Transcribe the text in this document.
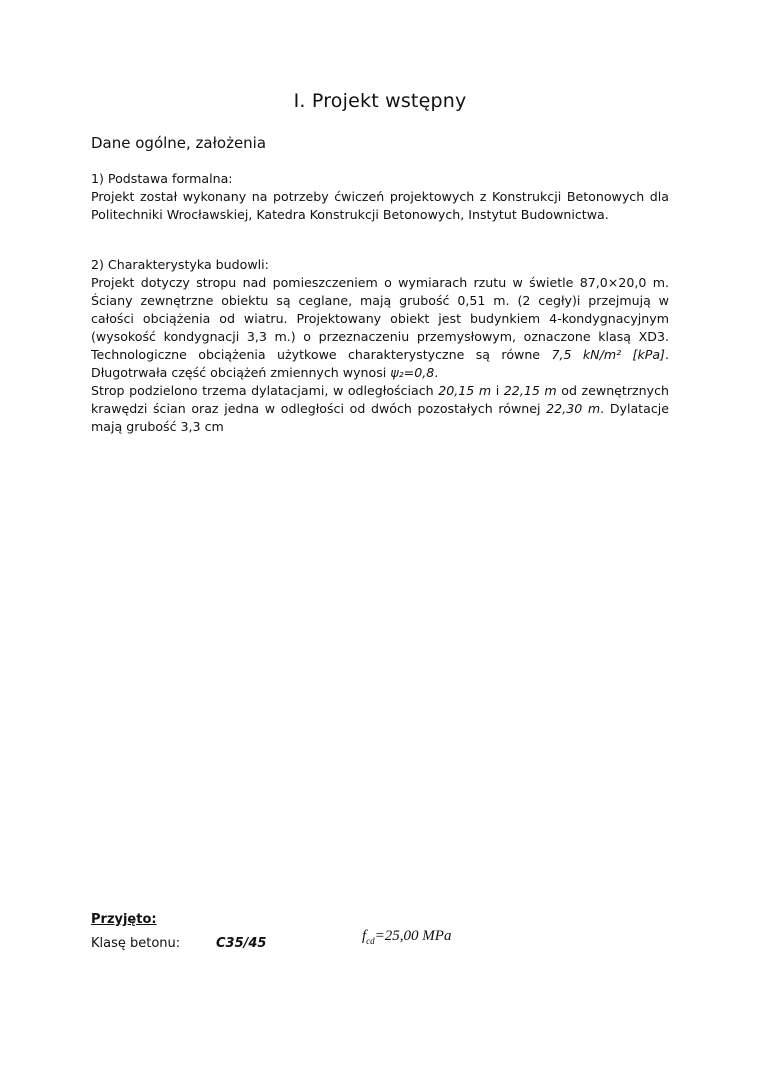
I. Projekt wstępny
Dane ogólne, założenia

1) Podstawa formalna:

Projekt został wykonany na potrzeby ćwiczeń projektowych z Konstrukcji Betonowych dla Politechniki Wrocławskiej, Katedra Konstrukcji Betonowych, Instytut Budownictwa.

2) Charakterystyka budowli:

Projekt dotyczy stropu nad pomieszczeniem o wymiarach rzutu w świetle 87,0×20,0 m. Ściany zewnętrzne obiektu są ceglane, mają grubość 0,51 m. (2 cegły)i przejmują w całości obciążenia od wiatru. Projektowany obiekt jest budynkiem 4-kondygnacyjnym (wysokość kondygnacji 3,3 m.) o przeznaczeniu przemysłowym, oznaczone klasą XD3. Technologiczne obciążenia użytkowe charakterystyczne są równe 7,5 kN/m² [kPa]. Długotrwała część obciążeń zmiennych wynosi ψ₂=0,8.

Strop podzielono trzema dylatacjami, w odległościach 20,15 m i 22,15 m od zewnętrznych krawędzi ścian oraz jedna w odległości od dwóch pozostałych równej 22,30 m. Dylatacje mają grubość 3,3 cm

Przyjęto:
Klasę betonu:	C35/45	$f_{cd}=25,00$ MPa
